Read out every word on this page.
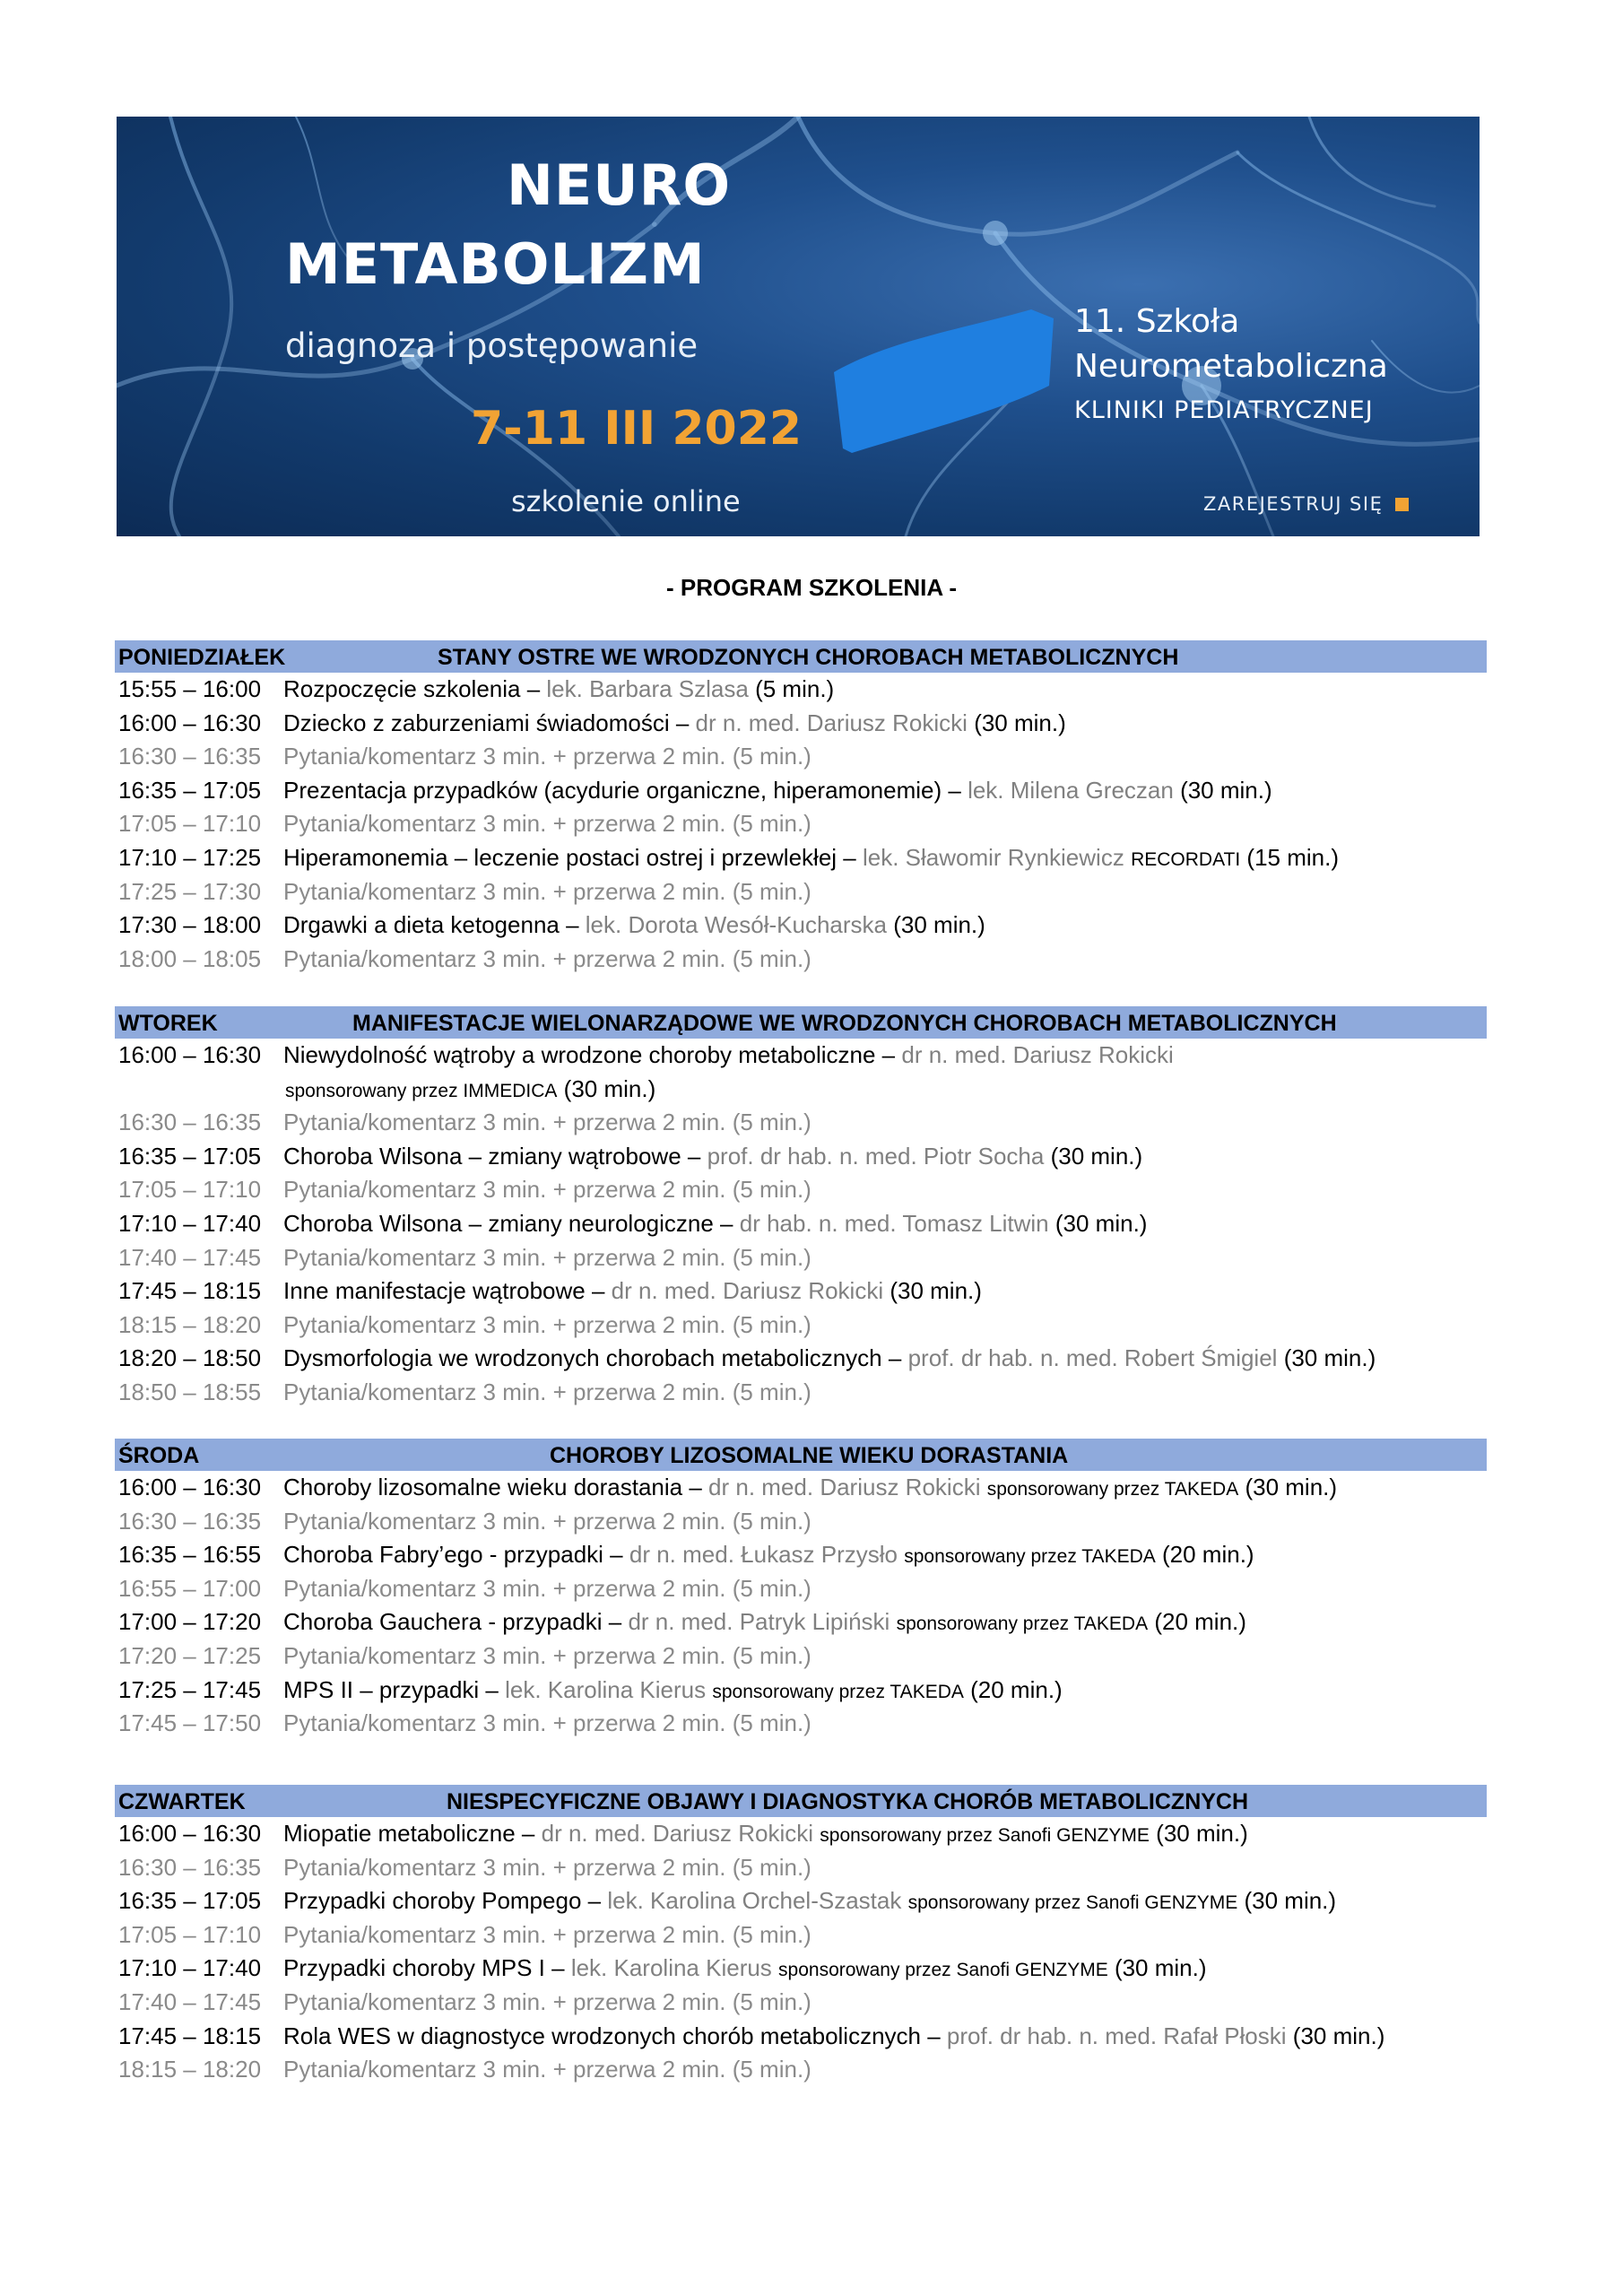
NEURO
METABOLIZM
diagnoza i postępowanie
7-11 III 2022
szkolenie online
11. Szkoła
Neurometaboliczna
KLINIKI PEDIATRYCZNEJ
ZAREJESTRUJ SIĘ
- PROGRAM SZKOLENIA -
PONIEDZIAŁEK	STANY OSTRE WE WRODZONYCH CHOROBACH METABOLICZNYCH
15:55 – 16:00 Rozpoczęcie szkolenia – lek. Barbara Szlasa (5 min.)
16:00 – 16:30 Dziecko z zaburzeniami świadomości – dr n. med. Dariusz Rokicki (30 min.)
16:30 – 16:35 Pytania/komentarz 3 min. + przerwa 2 min. (5 min.)
16:35 – 17:05 Prezentacja przypadków (acydurie organiczne, hiperamonemie) – lek. Milena Greczan (30 min.)
17:05 – 17:10 Pytania/komentarz 3 min. + przerwa 2 min. (5 min.)
17:10 – 17:25 Hiperamonemia – leczenie postaci ostrej i przewlekłej – lek. Sławomir Rynkiewicz RECORDATI (15 min.)
17:25 – 17:30 Pytania/komentarz 3 min. + przerwa 2 min. (5 min.)
17:30 – 18:00 Drgawki a dieta ketogenna – lek. Dorota Wesół-Kucharska (30 min.)
18:00 – 18:05 Pytania/komentarz 3 min. + przerwa 2 min. (5 min.)
WTOREK	MANIFESTACJE WIELONARZĄDOWE WE WRODZONYCH CHOROBACH METABOLICZNYCH
16:00 – 16:30 Niewydolność wątroby a wrodzone choroby metaboliczne – dr n. med. Dariusz Rokicki
sponsorowany przez IMMEDICA (30 min.)
16:30 – 16:35 Pytania/komentarz 3 min. + przerwa 2 min. (5 min.)
16:35 – 17:05 Choroba Wilsona – zmiany wątrobowe – prof. dr hab. n. med. Piotr Socha (30 min.)
17:05 – 17:10 Pytania/komentarz 3 min. + przerwa 2 min. (5 min.)
17:10 – 17:40 Choroba Wilsona – zmiany neurologiczne – dr hab. n. med. Tomasz Litwin (30 min.)
17:40 – 17:45 Pytania/komentarz 3 min. + przerwa 2 min. (5 min.)
17:45 – 18:15 Inne manifestacje wątrobowe – dr n. med. Dariusz Rokicki (30 min.)
18:15 – 18:20 Pytania/komentarz 3 min. + przerwa 2 min. (5 min.)
18:20 – 18:50 Dysmorfologia we wrodzonych chorobach metabolicznych – prof. dr hab. n. med. Robert Śmigiel (30 min.)
18:50 – 18:55 Pytania/komentarz 3 min. + przerwa 2 min. (5 min.)
ŚRODA	CHOROBY LIZOSOMALNE WIEKU DORASTANIA
16:00 – 16:30 Choroby lizosomalne wieku dorastania – dr n. med. Dariusz Rokicki sponsorowany przez TAKEDA (30 min.)
16:30 – 16:35 Pytania/komentarz 3 min. + przerwa 2 min. (5 min.)
16:35 – 16:55 Choroba Fabry’ego - przypadki – dr n. med. Łukasz Przysło sponsorowany przez TAKEDA (20 min.)
16:55 – 17:00 Pytania/komentarz 3 min. + przerwa 2 min. (5 min.)
17:00 – 17:20 Choroba Gauchera - przypadki – dr n. med. Patryk Lipiński sponsorowany przez TAKEDA (20 min.)
17:20 – 17:25 Pytania/komentarz 3 min. + przerwa 2 min. (5 min.)
17:25 – 17:45 MPS II – przypadki – lek. Karolina Kierus sponsorowany przez TAKEDA (20 min.)
17:45 – 17:50 Pytania/komentarz 3 min. + przerwa 2 min. (5 min.)
CZWARTEK	NIESPECYFICZNE OBJAWY I DIAGNOSTYKA CHORÓB METABOLICZNYCH
16:00 – 16:30 Miopatie metaboliczne – dr n. med. Dariusz Rokicki sponsorowany przez Sanofi GENZYME (30 min.)
16:30 – 16:35 Pytania/komentarz 3 min. + przerwa 2 min. (5 min.)
16:35 – 17:05 Przypadki choroby Pompego – lek. Karolina Orchel-Szastak sponsorowany przez Sanofi GENZYME (30 min.)
17:05 – 17:10 Pytania/komentarz 3 min. + przerwa 2 min. (5 min.)
17:10 – 17:40 Przypadki choroby MPS I – lek. Karolina Kierus sponsorowany przez Sanofi GENZYME (30 min.)
17:40 – 17:45 Pytania/komentarz 3 min. + przerwa 2 min. (5 min.)
17:45 – 18:15 Rola WES w diagnostyce wrodzonych chorób metabolicznych – prof. dr hab. n. med. Rafał Płoski (30 min.)
18:15 – 18:20 Pytania/komentarz 3 min. + przerwa 2 min. (5 min.)
